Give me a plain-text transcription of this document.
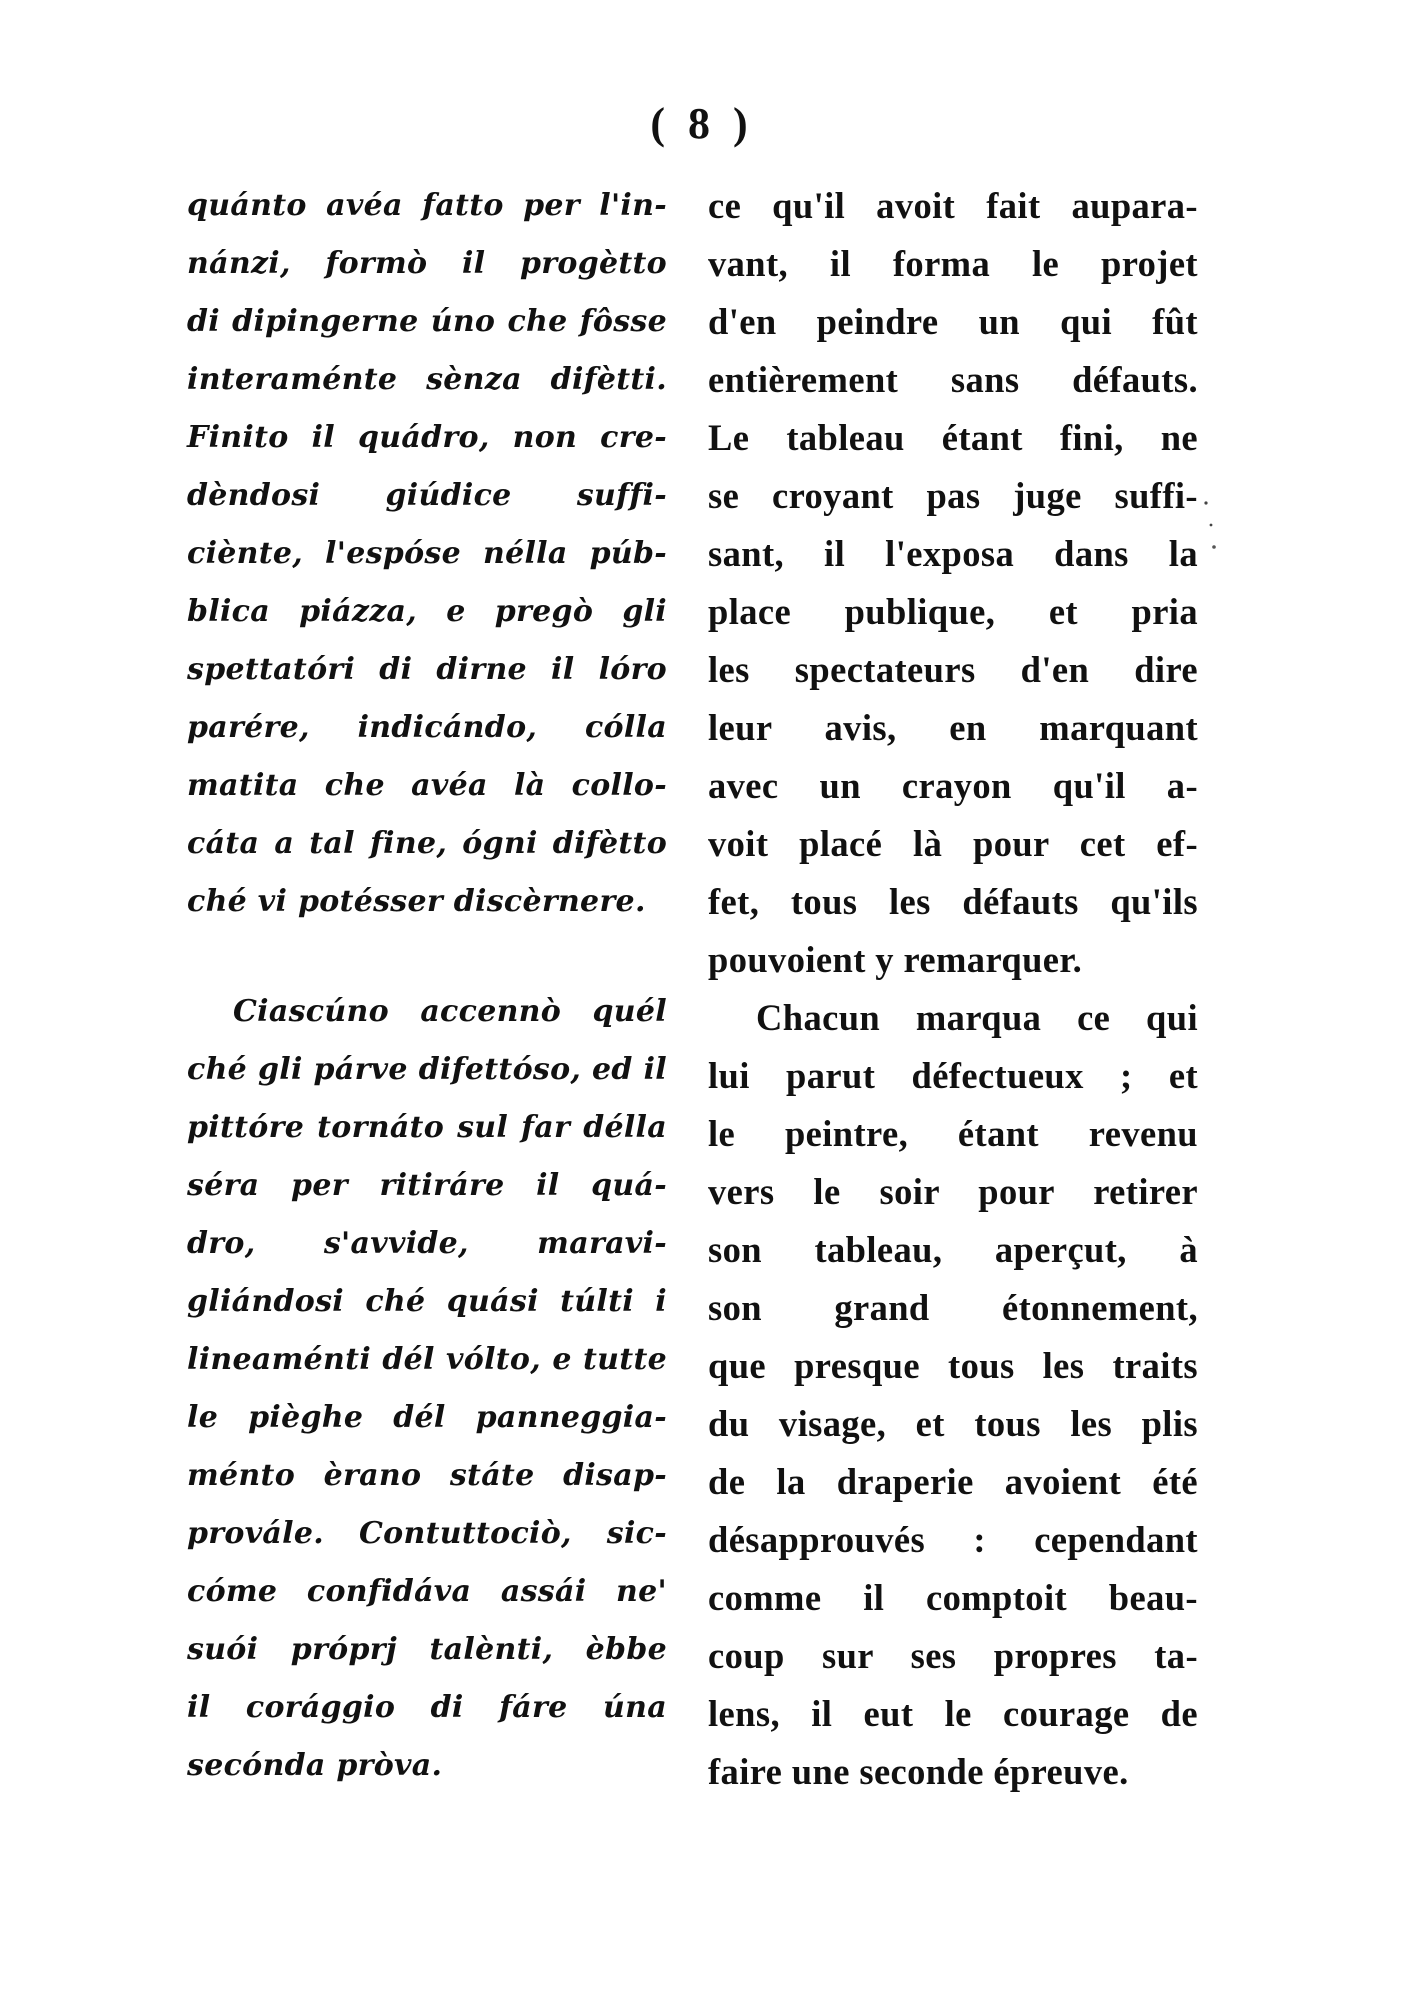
( 8 )
quánto avéa fatto per l'in-
nánzi, formò il progètto
di dipingerne úno che fôsse
interaménte sènza difètti.
Finito il quádro, non cre-
dèndosi giúdice suffi-
ciènte, l'espóse nélla púb-
blica piázza, e pregò gli
spettatóri di dirne il lóro
parére, indicándo, cólla
matita che avéa là collo-
cáta a tal fine, ógni difètto
ché vi potésser discèrnere.
Ciascúno accennò quél
ché gli párve difettóso, ed il
pittóre tornáto sul far délla
séra per ritiráre il quá-
dro, s'avvide, maravi-
gliándosi ché quási túlti i
lineaménti dél vólto, e tutte
le pièghe dél panneggia-
ménto èrano státe disap-
provále. Contuttociò, sic-
cóme confidáva assái ne'
suói próprj talènti, èbbe
il corággio di fáre úna
secónda pròva.
ce qu'il avoit fait aupara-
vant, il forma le projet
d'en peindre un qui fût
entièrement sans défauts.
Le tableau étant fini, ne
se croyant pas juge suffi-
sant, il l'exposa dans la
place publique, et pria
les spectateurs d'en dire
leur avis, en marquant
avec un crayon qu'il a-
voit placé là pour cet ef-
fet, tous les défauts qu'ils
pouvoient y remarquer.
Chacun marqua ce qui
lui parut défectueux ; et
le peintre, étant revenu
vers le soir pour retirer
son tableau, aperçut, à
son grand étonnement,
que presque tous les traits
du visage, et tous les plis
de la draperie avoient été
désapprouvés : cependant
comme il comptoit beau-
coup sur ses propres ta-
lens, il eut le courage de
faire une seconde épreuve.
